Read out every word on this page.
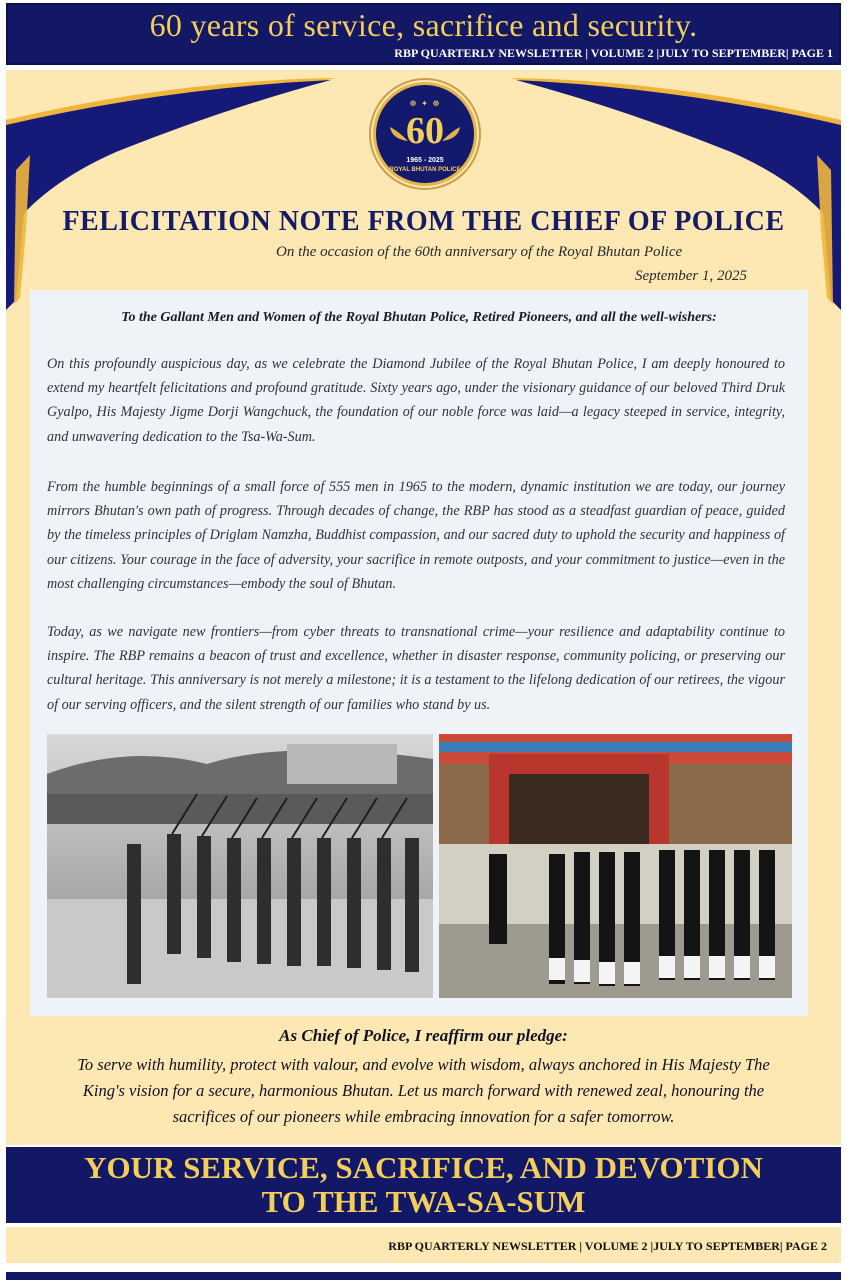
60 years of service, sacrifice and security.
RBP QUARTERLY NEWSLETTER | VOLUME 2 |JULY TO SEPTEMBER| PAGE 1
☸ ✦ ☸
60
1965 - 2025
ROYAL BHUTAN POLICE
FELICITATION NOTE FROM THE CHIEF OF POLICE
On the occasion of the 60th anniversary of the Royal Bhutan Police
September 1, 2025
To the Gallant Men and Women of the Royal Bhutan Police, Retired Pioneers, and all the well-wishers:

On this profoundly auspicious day, as we celebrate the Diamond Jubilee of the Royal Bhutan Police, I am deeply honoured to extend my heartfelt felicitations and profound gratitude. Sixty years ago, under the visionary guidance of our beloved Third Druk Gyalpo, His Majesty Jigme Dorji Wangchuck, the foundation of our noble force was laid—a legacy steeped in service, integrity, and unwavering dedication to the Tsa-Wa-Sum.

From the humble beginnings of a small force of 555 men in 1965 to the modern, dynamic institution we are today, our journey mirrors Bhutan's own path of progress. Through decades of change, the RBP has stood as a steadfast guardian of peace, guided by the timeless principles of Driglam Namzha, Buddhist compassion, and our sacred duty to uphold the security and happiness of our citizens. Your courage in the face of adversity, your sacrifice in remote outposts, and your commitment to justice—even in the most challenging circumstances—embody the soul of Bhutan.

Today, as we navigate new frontiers—from cyber threats to transnational crime—your resilience and adaptability continue to inspire. The RBP remains a beacon of trust and excellence, whether in disaster response, community policing, or preserving our cultural heritage. This anniversary is not merely a milestone; it is a testament to the lifelong dedication of our retirees, the vigour of our serving officers, and the silent strength of our families who stand by us.

As Chief of Police, I reaffirm our pledge:
To serve with humility, protect with valour, and evolve with wisdom, always anchored in His Majesty The King's vision for a secure, harmonious Bhutan. Let us march forward with renewed zeal, honouring the sacrifices of our pioneers while embracing innovation for a safer tomorrow.
YOUR SERVICE, SACRIFICE, AND DEVOTION
TO THE TWA-SA-SUM
RBP QUARTERLY NEWSLETTER | VOLUME 2 |JULY TO SEPTEMBER| PAGE 2
